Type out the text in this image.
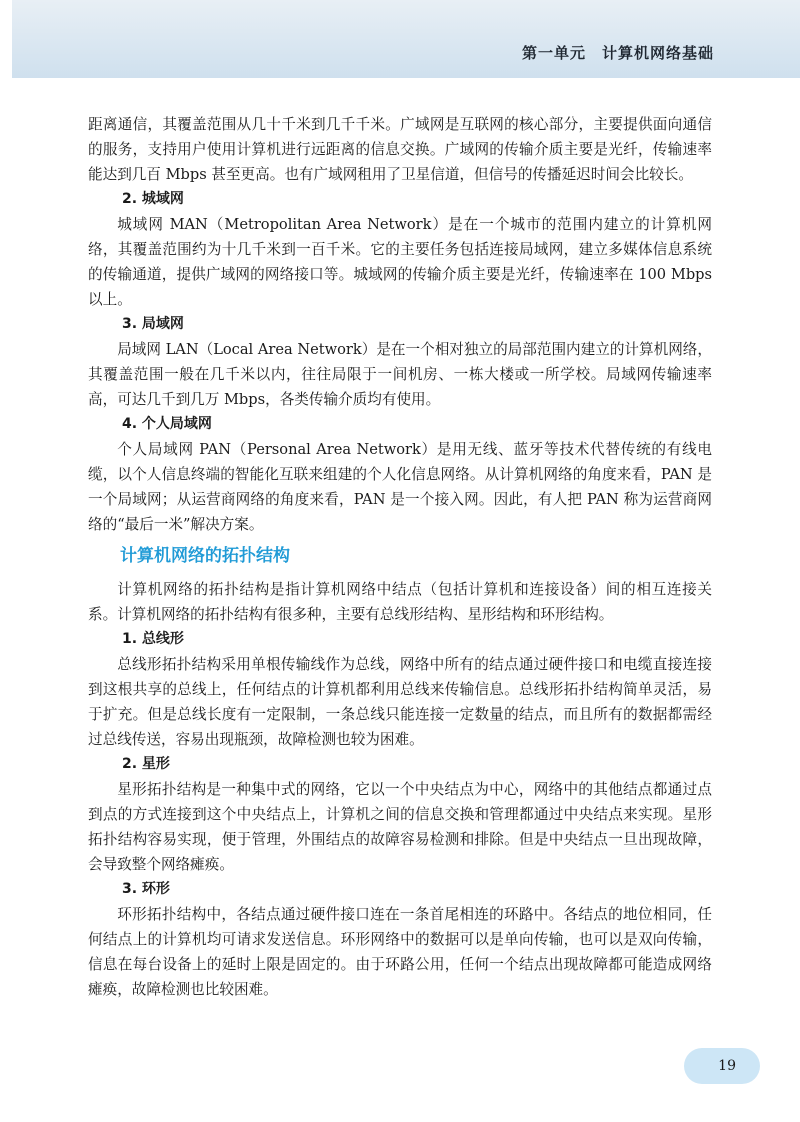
第一单元　计算机网络基础

距离通信，其覆盖范围从几十千米到几千千米。广域网是互联网的核心部分，主要提供面向通信的服务，支持用户使用计算机进行远距离的信息交换。广域网的传输介质主要是光纤，传输速率能达到几百 Mbps 甚至更高。也有广域网租用了卫星信道，但信号的传播延迟时间会比较长。

2. 城域网

城域网 MAN（Metropolitan Area Network）是在一个城市的范围内建立的计算机网络，其覆盖范围约为十几千米到一百千米。它的主要任务包括连接局域网，建立多媒体信息系统的传输通道，提供广域网的网络接口等。城域网的传输介质主要是光纤，传输速率在 100 Mbps 以上。

3. 局域网

局域网 LAN（Local Area Network）是在一个相对独立的局部范围内建立的计算机网络，其覆盖范围一般在几千米以内，往往局限于一间机房、一栋大楼或一所学校。局域网传输速率高，可达几千到几万 Mbps，各类传输介质均有使用。

4. 个人局域网

个人局域网 PAN（Personal Area Network）是用无线、蓝牙等技术代替传统的有线电缆，以个人信息终端的智能化互联来组建的个人化信息网络。从计算机网络的角度来看，PAN 是一个局域网；从运营商网络的角度来看，PAN 是一个接入网。因此，有人把 PAN 称为运营商网络的“最后一米”解决方案。

计算机网络的拓扑结构

计算机网络的拓扑结构是指计算机网络中结点（包括计算机和连接设备）间的相互连接关系。计算机网络的拓扑结构有很多种，主要有总线形结构、星形结构和环形结构。

1. 总线形

总线形拓扑结构采用单根传输线作为总线，网络中所有的结点通过硬件接口和电缆直接连接到这根共享的总线上，任何结点的计算机都利用总线来传输信息。总线形拓扑结构简单灵活，易于扩充。但是总线长度有一定限制，一条总线只能连接一定数量的结点，而且所有的数据都需经过总线传送，容易出现瓶颈，故障检测也较为困难。

2. 星形

星形拓扑结构是一种集中式的网络，它以一个中央结点为中心，网络中的其他结点都通过点到点的方式连接到这个中央结点上，计算机之间的信息交换和管理都通过中央结点来实现。星形拓扑结构容易实现，便于管理，外围结点的故障容易检测和排除。但是中央结点一旦出现故障，会导致整个网络瘫痪。

3. 环形

环形拓扑结构中，各结点通过硬件接口连在一条首尾相连的环路中。各结点的地位相同，任何结点上的计算机均可请求发送信息。环形网络中的数据可以是单向传输，也可以是双向传输，信息在每台设备上的延时上限是固定的。由于环路公用，任何一个结点出现故障都可能造成网络瘫痪，故障检测也比较困难。

19
